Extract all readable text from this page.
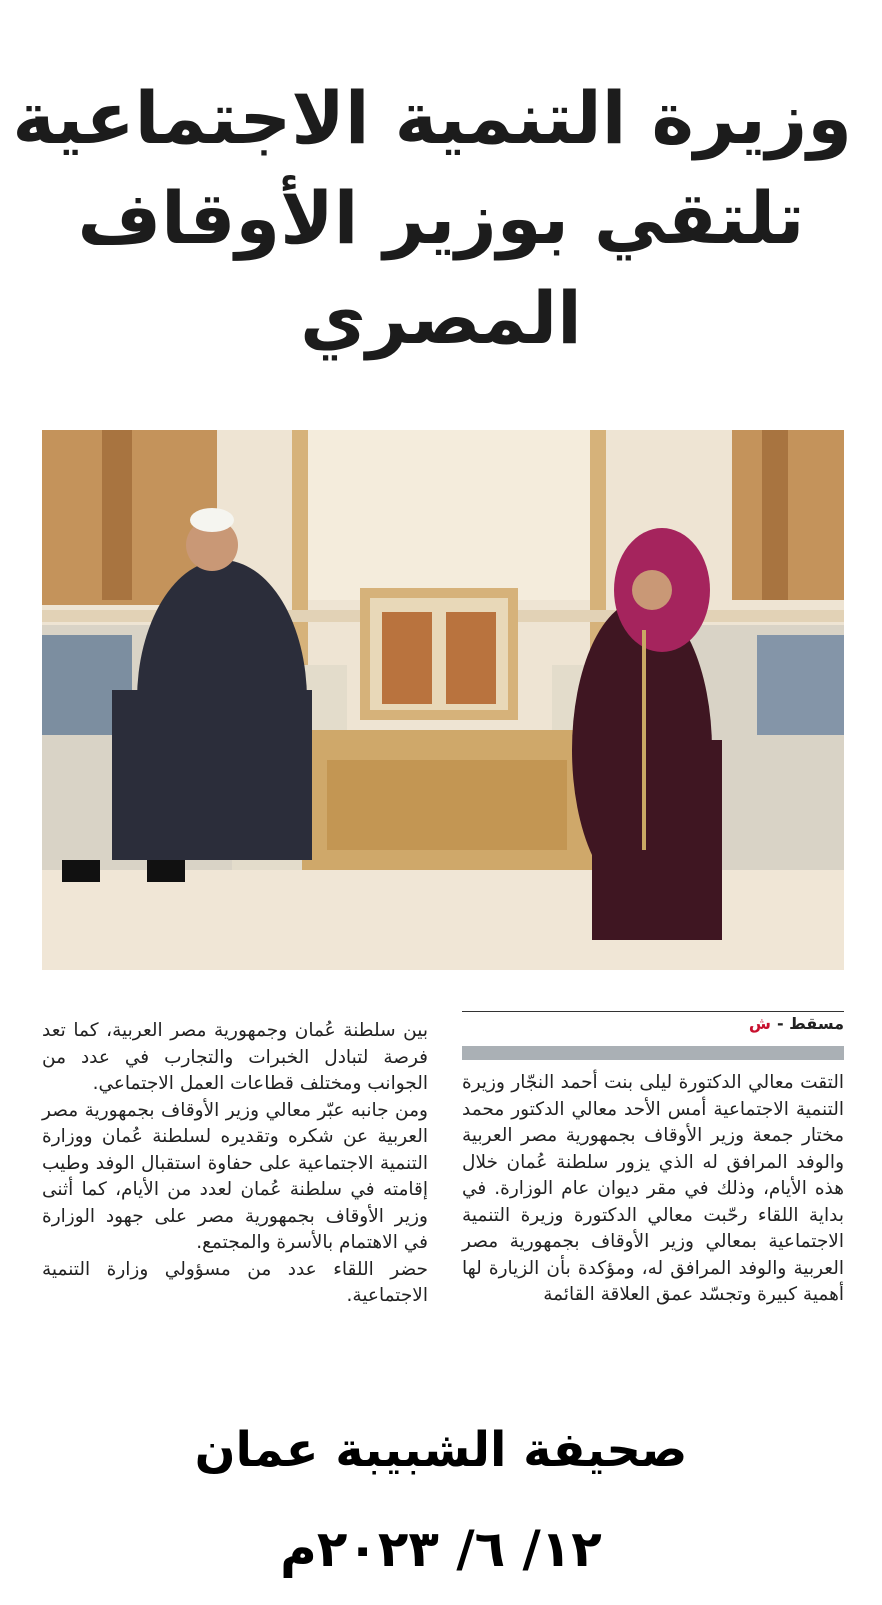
وزيرة التنمية الاجتماعية
تلتقي بوزير الأوقاف
المصري
مسقط -ش

التقت معالي الدكتورة ليلى بنت أحمد النجّار وزيرة التنمية الاجتماعية أمس الأحد معالي الدكتور محمد مختار جمعة وزير الأوقاف بجمهورية مصر العربية والوفد المرافق له الذي يزور سلطنة عُمان خلال هذه الأيام، وذلك في مقر ديوان عام الوزارة. في بداية اللقاء رحّبت معالي الدكتورة وزيرة التنمية الاجتماعية بمعالي وزير الأوقاف بجمهورية مصر العربية والوفد المرافق له، ومؤكدة بأن الزيارة لها أهمية كبيرة وتجسّد عمق العلاقة القائمة

بين سلطنة عُمان وجمهورية مصر العربية، كما تعد فرصة لتبادل الخبرات والتجارب في عدد من الجوانب ومختلف قطاعات العمل الاجتماعي.

ومن جانبه عبّر معالي وزير الأوقاف بجمهورية مصر العربية عن شكره وتقديره لسلطنة عُمان ووزارة التنمية الاجتماعية على حفاوة استقبال الوفد وطيب إقامته في سلطنة عُمان لعدد من الأيام، كما أثنى وزير الأوقاف بجمهورية مصر على جهود الوزارة في الاهتمام بالأسرة والمجتمع.

حضر اللقاء عدد من مسؤولي وزارة التنمية الاجتماعية.

صحيفة الشبيبة عمان
١٢/ ٦/ ٢٠٢٣م
